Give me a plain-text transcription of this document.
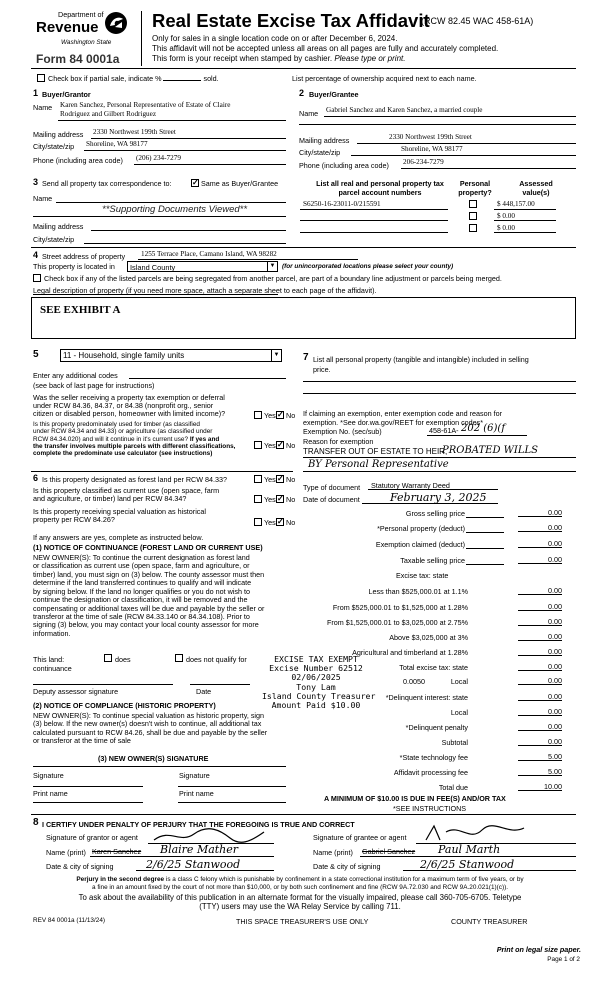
Department of
Revenue
Washington State
Form 84 0001a
Real Estate Excise Tax Affidavit
(RCW 82.45 WAC 458-61A)
Only for sales in a single location code on or after December 6, 2024.
This affidavit will not be accepted unless all areas on all pages are fully and accurately completed.
This form is your receipt when stamped by cashier. Please type or print.
Check box if partial sale, indicate %	sold.	List percentage of ownership acquired next to each name.
1 Buyer/Grantor
Name Karen Sanchez, Personal Representative of Estate of Claire
Rodriguez and Gilbert Rodriguez
Mailing address 2330 Northwest 199th Street
City/state/zip Shoreline, WA 98177
Phone (including area code) (206) 234-7279
2 Buyer/Grantee
Name Gabriel Sanchez and Karen Sanchez, a married couple
Mailing address	2330 Northwest 199th Street
City/state/zip	Shoreline, WA 98177
Phone (including area code) 206-234-7279
3 Send all property tax correspondence to:	✓ Same as Buyer/Grantee
Name
**Supporting Documents Viewed**
Mailing address
City/state/zip
List all real and personal property tax
parcel account numbers
Personal
property?
Assessed
value(s)
S6250-16-23011-0/215591	$ 448,157.00
$ 0.00
$ 0.00
4 Street address of property 1255 Terrace Place, Camano Island, WA 98282
This property is located in	Island County	▼ (for unincorporated locations please select your county)
Check box if any of the listed parcels are being segregated from another parcel, are part of a boundary line adjustment or parcels being merged.
Legal description of property (if you need more space, attach a separate sheet to each page of the affidavit).
SEE EXHIBIT A
5	11 - Household, single family units	▼
Enter any additional codes
(see back of last page for instructions)
Was the seller receiving a property tax exemption or deferral
under RCW 84.36, 84.37, or 84.38 (nonprofit org., senior
citizen or disabled person, homeowner with limited income)?	Yes ✓ No
Is this property predominately used for timber (as classified
under RCW 84.34 and 84.33) or agriculture (as classified under
RCW 84.34.020) and will it continue in it's current use? If yes and
the transfer involves multiple parcels with different classifications,
complete the predominate use calculator (see instructions)
Yes ✓ No
6 Is this property designated as forest land per RCW 84.33?	Yes ✓ No
Is this property classified as current use (open space, farm
and agriculture, or timber) land per RCW 84.34?	Yes ✓ No
Is this property receiving special valuation as historical
property per RCW 84.26?	Yes ✓ No
If any answers are yes, complete as instructed below.
(1) NOTICE OF CONTINUANCE (FOREST LAND OR CURRENT USE)
NEW OWNER(S): To continue the current designation as forest land
or classification as current use (open space, farm and agriculture, or
timber) land, you must sign on (3) below. The county assessor must then
determine if the land transferred continues to qualify and will indicate
by signing below. If the land no longer qualifies or you do not wish to
continue the designation or classification, it will be removed and the
compensating or additional taxes will be due and payable by the seller or
transferor at the time of sale (RCW 84.33.140 or 84.34.108). Prior to
signing (3) below, you may contact your local county assessor for more
information.
This land:
continuance
does	does not qualify for
Deputy assessor signature	Date
(2) NOTICE OF COMPLIANCE (HISTORIC PROPERTY)
NEW OWNER(S): To continue special valuation as historic property, sign
(3) below. If the new owner(s) doesn't wish to continue, all additional tax
calculated pursuant to RCW 84.26, shall be due and payable by the seller
or transferor at the time of sale
(3) NEW OWNER(S) SIGNATURE
Signature	Signature
Print name	Print name
EXCISE TAX EXEMPT
Excise Number 62512
02/06/2025
Tony Lam
Island County Treasurer
Amount Paid $10.00
7 List all personal property (tangible and intangible) included in selling
price.
If claiming an exemption, enter exemption code and reason for
exemption. *See dor.wa.gov/REET for exemption codes*
Exemption No. (sec/sub)	458-61A- 202 (6)(f
Reason for exemption
TRANSFER OUT OF ESTATE TO HEIR,
PROBATED WILLS
BY Personal Representative
Type of document Statutory Warranty Deed
Date of document	February 3, 2025
Gross selling price	0.00
*Personal property (deduct)	0.00
Exemption claimed (deduct)	0.00
Taxable selling price	0.00
Excise tax: state
Less than $525,000.01 at 1.1%	0.00
From $525,000.01 to $1,525,000 at 1.28%	0.00
From $1,525,000.01 to $3,025,000 at 2.75%	0.00
Above $3,025,000 at 3%	0.00
Agricultural and timberland at 1.28%	0.00
Total excise tax: state	0.00
0.0050	Local	0.00
*Delinquent interest: state	0.00
Local	0.00
*Delinquent penalty	0.00
Subtotal	0.00
*State technology fee	5.00
Affidavit processing fee	5.00
Total due	10.00
A MINIMUM OF $10.00 IS DUE IN FEE(S) AND/OR TAX
*SEE INSTRUCTIONS
8 I CERTIFY UNDER PENALTY OF PERJURY THAT THE FOREGOING IS TRUE AND CORRECT
Signature of grantor or agent
Name (print) Karen Sanchez Blaire Mather
Date & city of signing	2/6/25 Stanwood
Signature of grantee or agent
Name (print) Gabriel Sanchez Paul Marth
Date & city of signing	2/6/25 Stanwood
Perjury in the second degree is a class C felony which is punishable by confinement in a state correctional institution for a maximum term of five years, or by
a fine in an amount fixed by the court of not more than $10,000, or by both such confinement and fine (RCW 9A.72.030 and RCW 9A.20.021(1)(c)).
To ask about the availability of this publication in an alternate format for the visually impaired, please call 360-705-6705. Teletype
(TTY) users may use the WA Relay Service by calling 711.
REV 84 0001a (11/13/24)	THIS SPACE TREASURER'S USE ONLY	COUNTY TREASURER
Print on legal size paper.
Page 1 of 2
